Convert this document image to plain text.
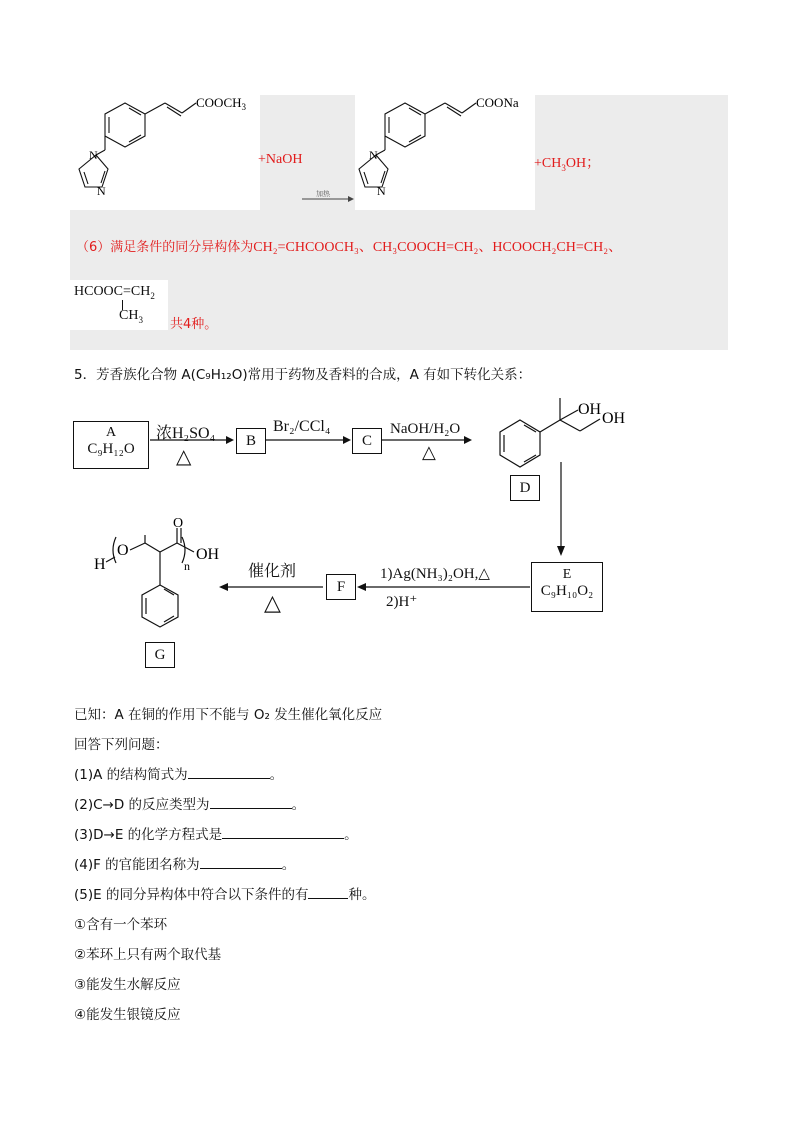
$COOCH_3$
N
N
+NaOH
加热
COONa
N
N
$+CH_3OH$；
（6）满足条件的同分异构体为CH₂=CHCOOCH₃、CH₃COOCH=CH₂、HCOOCH₂CH=CH₂、
$HCOOC=CH_2$
$CH_3$ 共4种。
5．芳香族化合物 A(C₉H₁₂O)常用于药物及香料的合成，A 有如下转化关系：
A
C₉H₁₂O
浓H₂SO₄
△
B
Br₂/CCl₄
C
NaOH/H₂O
△
OH
OH
D
E
C₉H₁₀O₂
1)Ag(NH₃)₂OH,△
2)H⁺
F
催化剂
△
H
O
O
n
OH
G
已知：A 在铜的作用下不能与 O₂ 发生催化氧化反应
回答下列问题：
(1)A 的结构简式为	。
(2)C→D 的反应类型为	。
(3)D→E 的化学方程式是	。
(4)F 的官能团名称为	。
(5)E 的同分异构体中符合以下条件的有	种。
①含有一个苯环
②苯环上只有两个取代基
③能发生水解反应
④能发生银镜反应
